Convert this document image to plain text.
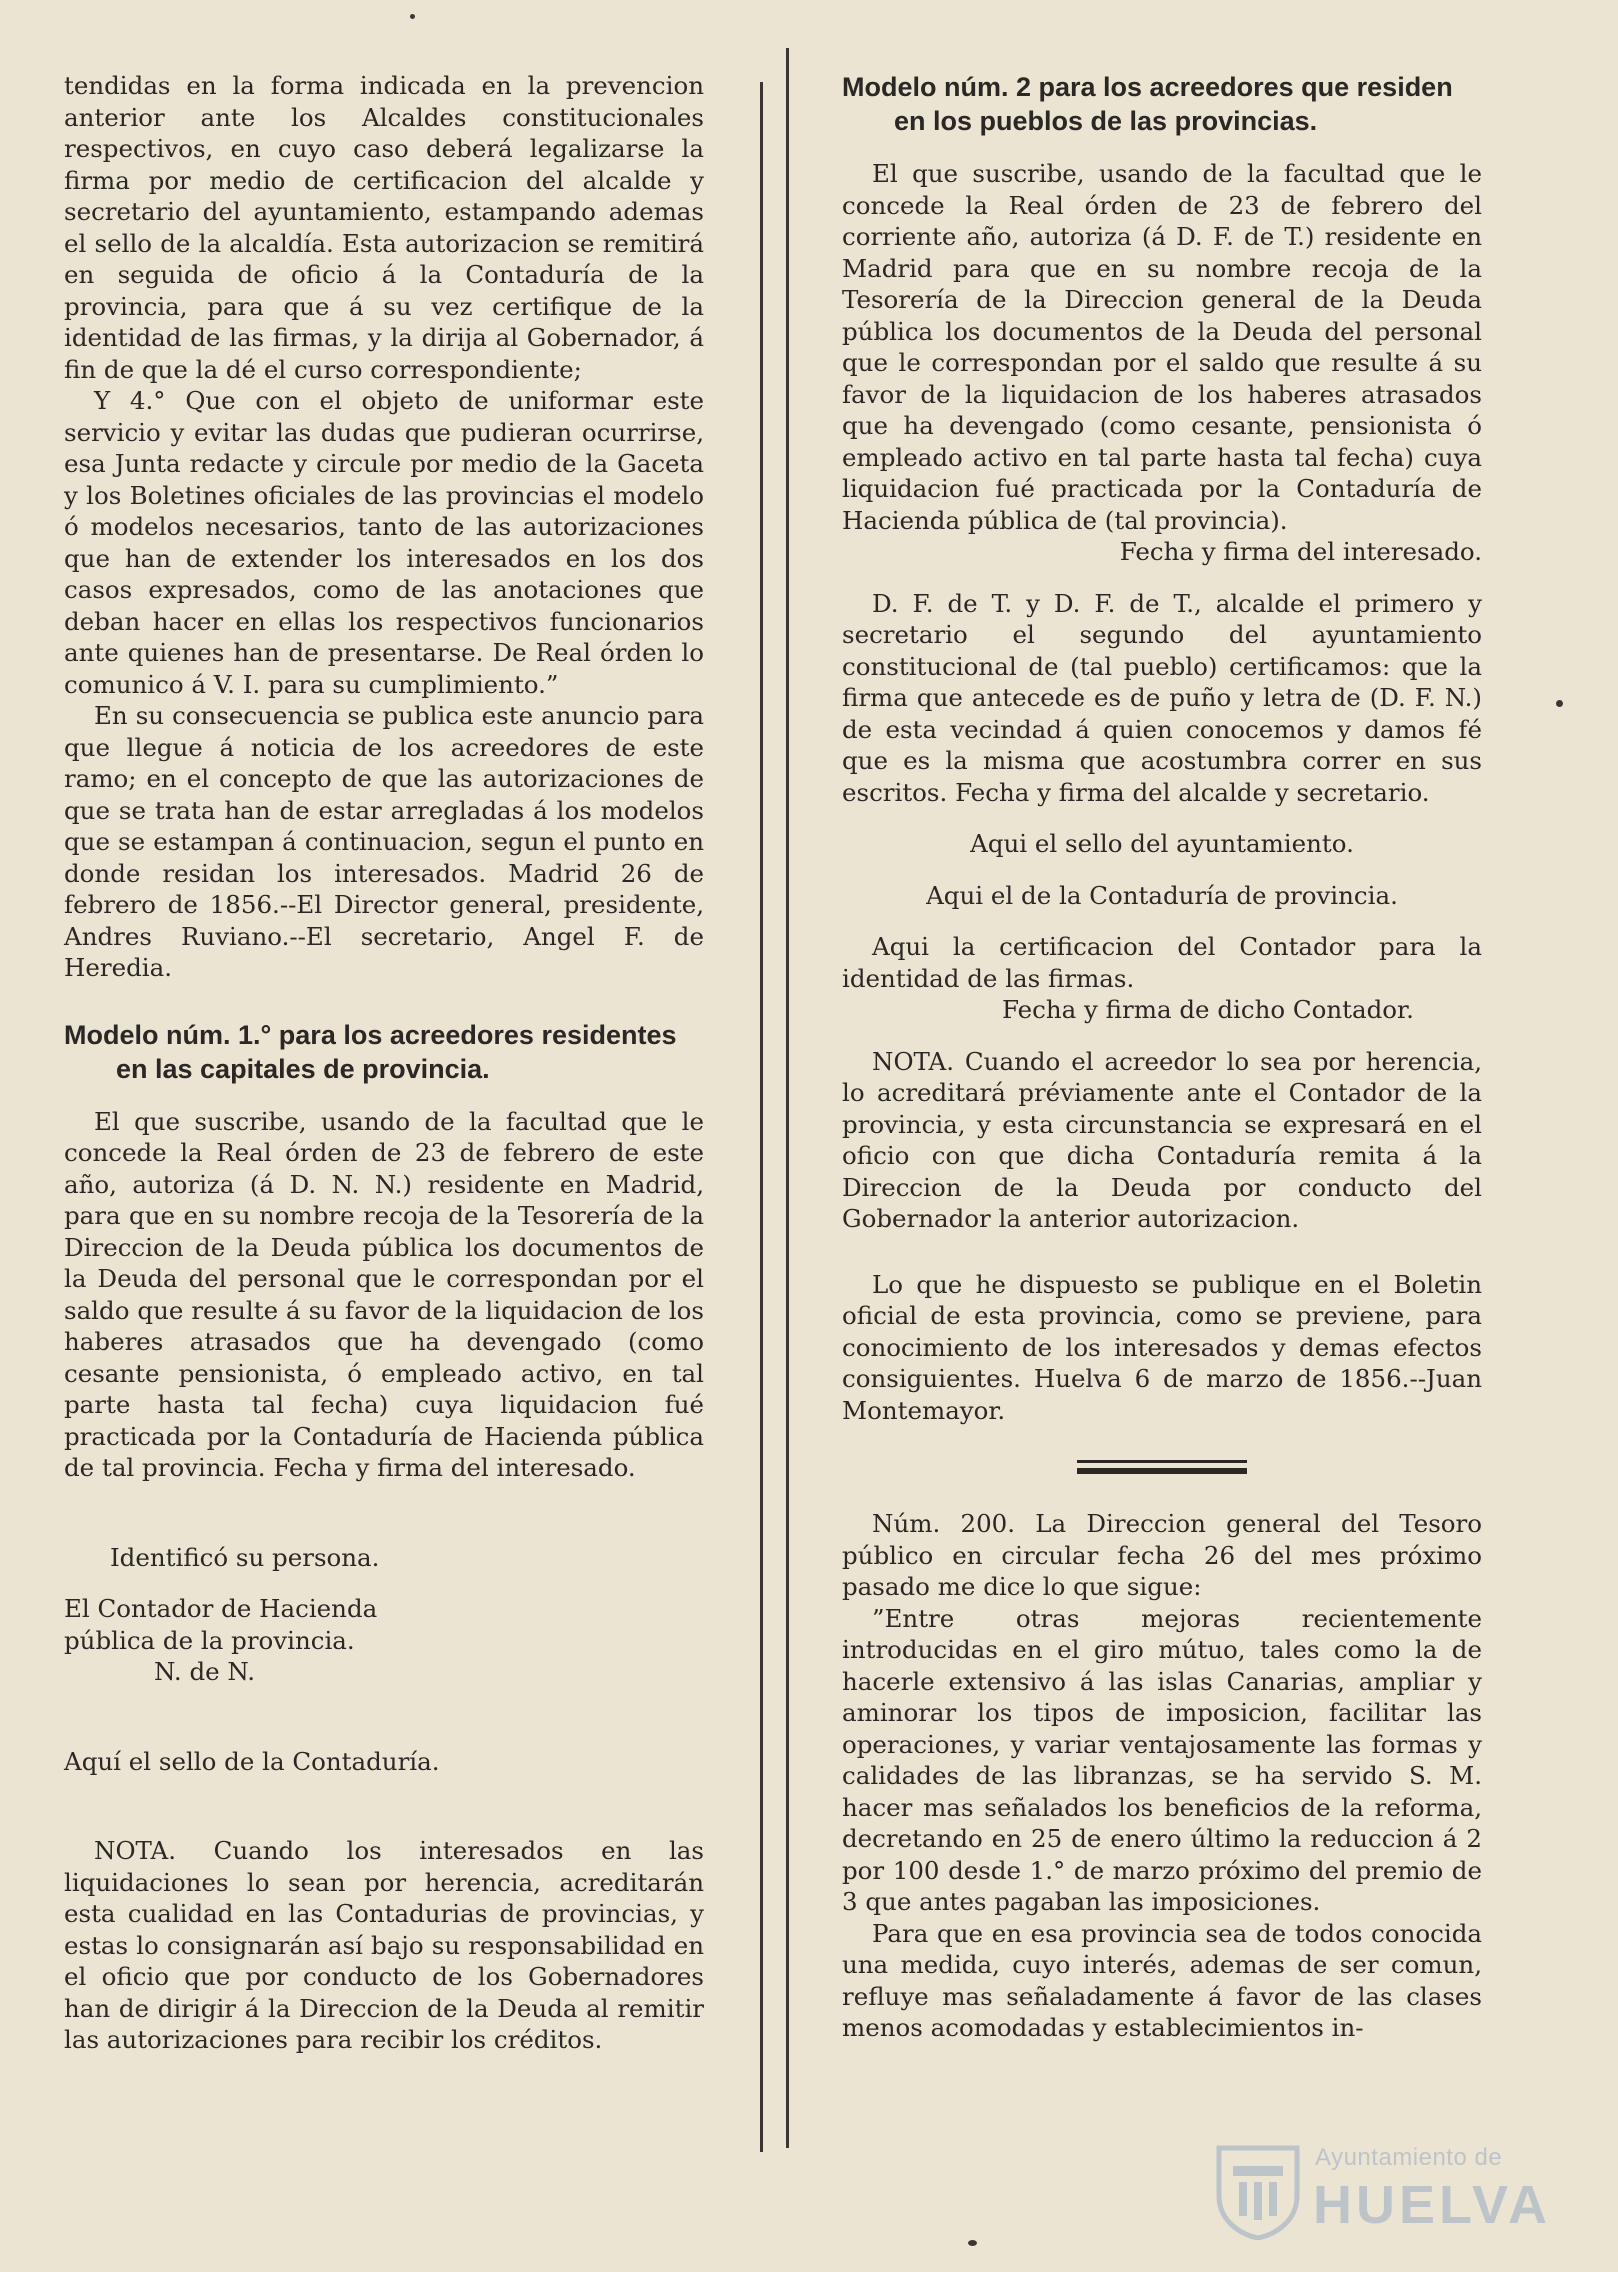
tendidas en la forma indicada en la prevencion anterior ante los Alcaldes constitucionales respectivos, en cuyo caso deberá legalizarse la firma por medio de certificacion del alcalde y secretario del ayuntamiento, estampando ademas el sello de la alcaldía. Esta autorizacion se remitirá en seguida de oficio á la Contaduría de la provincia, para que á su vez certifique de la identidad de las firmas, y la dirija al Gobernador, á fin de que la dé el curso correspondiente;

Y 4.° Que con el objeto de uniformar este servicio y evitar las dudas que pudieran ocurrirse, esa Junta redacte y circule por medio de la Gaceta y los Boletines oficiales de las provincias el modelo ó modelos necesarios, tanto de las autorizaciones que han de extender los interesados en los dos casos expresados, como de las anotaciones que deban hacer en ellas los respectivos funcionarios ante quienes han de presentarse. De Real órden lo comunico á V. I. para su cumplimiento.”

En su consecuencia se publica este anuncio para que llegue á noticia de los acreedores de este ramo; en el concepto de que las autorizaciones de que se trata han de estar arregladas á los modelos que se estampan á continuacion, segun el punto en donde residan los interesados. Madrid 26 de febrero de 1856.--El Director general, presidente, Andres Ruviano.--El secretario, Angel F. de Heredia.

Modelo núm. 1.° para los acreedores residentes en las capitales de provincia.

El que suscribe, usando de la facultad que le concede la Real órden de 23 de febrero de este año, autoriza (á D. N. N.) residente en Madrid, para que en su nombre recoja de la Tesorería de la Direccion de la Deuda pública los documentos de la Deuda del personal que le correspondan por el saldo que resulte á su favor de la liquidacion de los haberes atrasados que ha devengado (como cesante pensionista, ó empleado activo, en tal parte hasta tal fecha) cuya liquidacion fué practicada por la Contaduría de Hacienda pública de tal provincia. Fecha y firma del interesado.

Identificó su persona.

El Contador de Hacienda

pública de la provincia.

N. de N.

Aquí el sello de la Contaduría.

NOTA. Cuando los interesados en las liquidaciones lo sean por herencia, acreditarán esta cualidad en las Contadurias de provincias, y estas lo consignarán así bajo su responsabilidad en el oficio que por conducto de los Gobernadores han de dirigir á la Direccion de la Deuda al remitir las autorizaciones para recibir los créditos.

Modelo núm. 2 para los acreedores que residen en los pueblos de las provincias.

El que suscribe, usando de la facultad que le concede la Real órden de 23 de febrero del corriente año, autoriza (á D. F. de T.) residente en Madrid para que en su nombre recoja de la Tesorería de la Direccion general de la Deuda pública los documentos de la Deuda del personal que le correspondan por el saldo que resulte á su favor de la liquidacion de los haberes atrasados que ha devengado (como cesante, pensionista ó empleado activo en tal parte hasta tal fecha) cuya liquidacion fué practicada por la Contaduría de Hacienda pública de (tal provincia).

Fecha y firma del interesado.

D. F. de T. y D. F. de T., alcalde el primero y secretario el segundo del ayuntamiento constitucional de (tal pueblo) certificamos: que la firma que antecede es de puño y letra de (D. F. N.) de esta vecindad á quien conocemos y damos fé que es la misma que acostumbra correr en sus escritos. Fecha y firma del alcalde y secretario.

Aqui el sello del ayuntamiento.

Aqui el de la Contaduría de provincia.

Aqui la certificacion del Contador para la identidad de las firmas.

Fecha y firma de dicho Contador.

NOTA. Cuando el acreedor lo sea por herencia, lo acreditará préviamente ante el Contador de la provincia, y esta circunstancia se expresará en el oficio con que dicha Contaduría remita á la Direccion de la Deuda por conducto del Gobernador la anterior autorizacion.

Lo que he dispuesto se publique en el Boletin oficial de esta provincia, como se previene, para conocimiento de los interesados y demas efectos consiguientes. Huelva 6 de marzo de 1856.--Juan Montemayor.

Núm. 200. La Direccion general del Tesoro público en circular fecha 26 del mes próximo pasado me dice lo que sigue:

”Entre otras mejoras recientemente introducidas en el giro mútuo, tales como la de hacerle extensivo á las islas Canarias, ampliar y aminorar los tipos de imposicion, facilitar las operaciones, y variar ventajosamente las formas y calidades de las libranzas, se ha servido S. M. hacer mas señalados los beneficios de la reforma, decretando en 25 de enero último la reduccion á 2 por 100 desde 1.° de marzo próximo del premio de 3 que antes pagaban las imposiciones.

Para que en esa provincia sea de todos conocida una medida, cuyo interés, ademas de ser comun, refluye mas señaladamente á favor de las clases menos acomodadas y establecimientos in-

Ayuntamiento de
HUELVA
